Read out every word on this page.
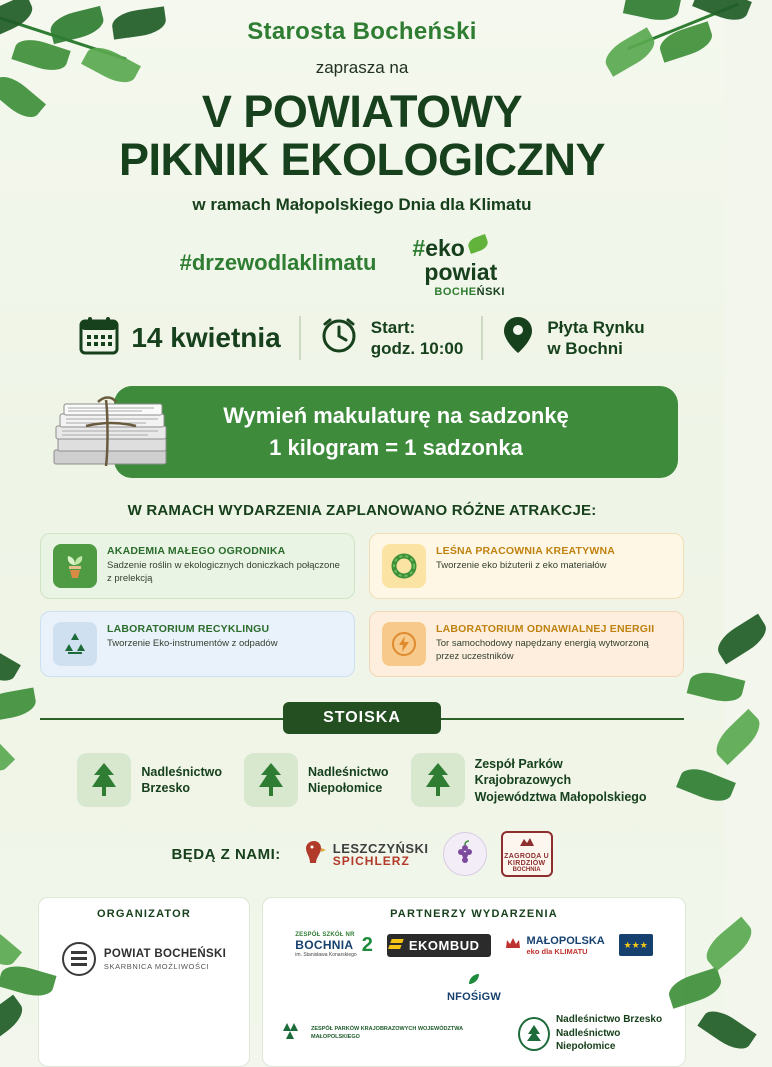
Starosta Bocheński
zaprasza na
V POWIATOWY
PIKNIK EKOLOGICZNY
w ramach Małopolskiego Dnia dla Klimatu
#drzewodlaklimatu
#eko
powiat
BOCHEŃSKI
14 kwietnia	Start:
godz. 10:00
Płyta Rynku
w Bochni
Wymień makulaturę na sadzonkę
1 kilogram = 1 sadzonka
W RAMACH WYDARZENIA ZAPLANOWANO RÓŻNE ATRAKCJE:
AKADEMIA MAŁEGO OGRODNIKA
Sadzenie roślin w ekologicznych doniczkach połączone z prelekcją
LEŚNA PRACOWNIA KREATYWNA
Tworzenie eko biżuterii z eko materiałów
LABORATORIUM RECYKLINGU
Tworzenie Eko-instrumentów z odpadów
LABORATORIUM ODNAWIALNEJ ENERGII
Tor samochodowy napędzany energią wytworzoną przez uczestników
STOISKA
Nadleśnictwo
Brzesko
Nadleśnictwo
Niepołomice
Zespół Parków
Krajobrazowych
Województwa Małopolskiego
BĘDĄ Z NAMI:	LESZCZYŃSKI
SPICHLERZ	ZAGRODA U
KIRDZIÓW
BOCHNIA
ORGANIZATOR
POWIAT BOCHEŃSKI
SKARBNICA MOŻLIWOŚCI
PARTNERZY WYDARZENIA
ZESPÓŁ SZKÓŁ NR
BOCHNIA
im. Stanisława Konarskiego 2	EKOMBUD	MAŁOPOLSKA
eko dla KLIMATU
★★★
NFOŚiGW
ZESPÓŁ PARKÓW KRAJOBRAZOWYCH WOJEWÓDZTWA MAŁOPOLSKIEGO
Nadleśnictwo Brzesko
Nadleśnictwo Niepołomice
